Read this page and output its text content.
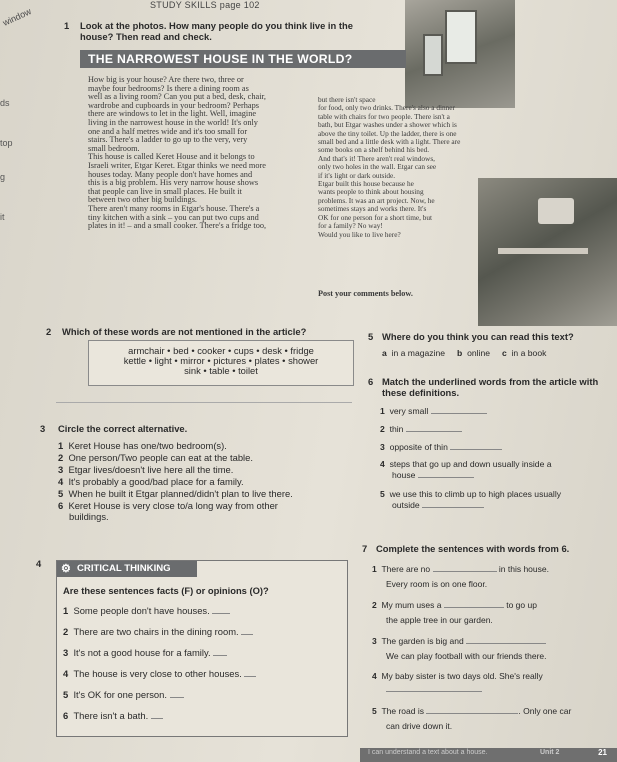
STUDY SKILLS page 102
window
ds
top
g
it
1 Look at the photos. How many people do you think live in the house? Then read and check.
THE NARROWEST HOUSE IN THE WORLD?
How big is your house? Are there two, three or
maybe four bedrooms? Is there a dining room as
well as a living room? Can you put a bed, desk, chair,
wardrobe and cupboards in your bedroom? Perhaps
there are windows to let in the light. Well, imagine
living in the narrowest house in the world! It's only
one and a half metres wide and it's too small for
stairs. There's a ladder to go up to the very, very
small bedroom.
This house is called Keret House and it belongs to
Israeli writer, Etgar Keret. Etgar thinks we need more
houses today. Many people don't have homes and
this is a big problem. His very narrow house shows
that people can live in small places. He built it
between two other big buildings.
There aren't many rooms in Etgar's house. There's a
tiny kitchen with a sink – you can put two cups and
plates in it! – and a small cooker. There's a fridge too,
but there isn't space
for food, only two drinks. There's also a dinner
table with chairs for two people. There isn't a
bath, but Etgar washes under a shower which is
above the tiny toilet. Up the ladder, there is one
small bed and a little desk with a light. There are
some books on a shelf behind his bed.
And that's it! There aren't real windows,
only two holes in the wall. Etgar can see
if it's light or dark outside.
Etgar built this house because he
wants people to think about housing
problems. It was an art project. Now, he
sometimes stays and works there. It's
OK for one person for a short time, but
for a family? No way!
Would you like to live here?
Post your comments below.
2 Which of these words are not mentioned in the article?
armchair • bed • cooker • cups • desk • fridge
kettle • light • mirror • pictures • plates • shower
sink • table • toilet
3 Circle the correct alternative.
1 Keret House has one/two bedroom(s).
2 One person/Two people can eat at the table.
3 Etgar lives/doesn't live here all the time.
4 It's probably a good/bad place for a family.
5 When he built it Etgar planned/didn't plan to live there.
6 Keret House is very close to/a long way from other
buildings.
4 ⚙ CRITICAL THINKING
Are these sentences facts (F) or opinions (O)?
1 Some people don't have houses.
2 There are two chairs in the dining room.
3 It's not a good house for a family.
4 The house is very close to other houses.
5 It's OK for one person.
6 There isn't a bath.
5 Where do you think you can read this text?
a in a magazine b online c in a book
6 Match the underlined words from the article with these definitions.
1 very small
2 thin
3 opposite of thin
4 steps that go up and down usually inside a
house
5 we use this to climb up to high places usually
outside
7 Complete the sentences with words from 6.
1 There are no	in this house.
Every room is on one floor.
2 My mum uses a	to go up
the apple tree in our garden.
3 The garden is big and
We can play football with our friends there.
4 My baby sister is two days old. She's really
5 The road is	. Only one car
can drive down it.
I can understand a text about a house.	Unit 2	21
